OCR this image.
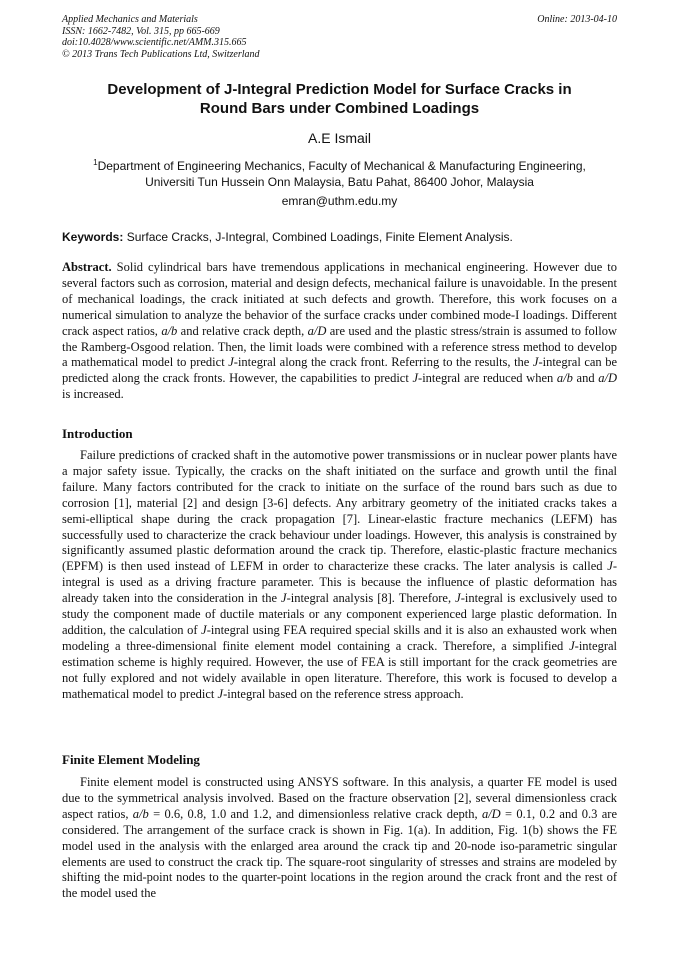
Applied Mechanics and Materials
ISSN: 1662-7482, Vol. 315, pp 665-669
doi:10.4028/www.scientific.net/AMM.315.665
© 2013 Trans Tech Publications Ltd, Switzerland
Online: 2013-04-10
Development of J-Integral Prediction Model for Surface Cracks in
Round Bars under Combined Loadings
A.E Ismail
$^1$Department of Engineering Mechanics, Faculty of Mechanical & Manufacturing Engineering,
Universiti Tun Hussein Onn Malaysia, Batu Pahat, 86400 Johor, Malaysia
emran@uthm.edu.my
Keywords: Surface Cracks, J-Integral, Combined Loadings, Finite Element Analysis.
Abstract. Solid cylindrical bars have tremendous applications in mechanical engineering. However due to several factors such as corrosion, material and design defects, mechanical failure is unavoidable. In the present of mechanical loadings, the crack initiated at such defects and growth. Therefore, this work focuses on a numerical simulation to analyze the behavior of the surface cracks under combined mode-I loadings. Different crack aspect ratios, a/b and relative crack depth, a/D are used and the plastic stress/strain is assumed to follow the Ramberg-Osgood relation. Then, the limit loads were combined with a reference stress method to develop a mathematical model to predict J-integral along the crack front. Referring to the results, the J-integral can be predicted along the crack fronts. However, the capabilities to predict J-integral are reduced when a/b and a/D is increased.
Introduction
Failure predictions of cracked shaft in the automotive power transmissions or in nuclear power plants have a major safety issue. Typically, the cracks on the shaft initiated on the surface and growth until the final failure. Many factors contributed for the crack to initiate on the surface of the round bars such as due to corrosion [1], material [2] and design [3-6] defects. Any arbitrary geometry of the initiated cracks takes a semi-elliptical shape during the crack propagation [7]. Linear-elastic fracture mechanics (LEFM) has successfully used to characterize the crack behaviour under loadings. However, this analysis is constrained by significantly assumed plastic deformation around the crack tip. Therefore, elastic-plastic fracture mechanics (EPFM) is then used instead of LEFM in order to characterize these cracks. The later analysis is called J-integral is used as a driving fracture parameter. This is because the influence of plastic deformation has already taken into the consideration in the J-integral analysis [8]. Therefore, J-integral is exclusively used to study the component made of ductile materials or any component experienced large plastic deformation. In addition, the calculation of J-integral using FEA required special skills and it is also an exhausted work when modeling a three-dimensional finite element model containing a crack. Therefore, a simplified J-integral estimation scheme is highly required. However, the use of FEA is still important for the crack geometries are not fully explored and not widely available in open literature. Therefore, this work is focused to develop a mathematical model to predict J-integral based on the reference stress approach.
Finite Element Modeling
Finite element model is constructed using ANSYS software. In this analysis, a quarter FE model is used due to the symmetrical analysis involved. Based on the fracture observation [2], several dimensionless crack aspect ratios, a/b = 0.6, 0.8, 1.0 and 1.2, and dimensionless relative crack depth, a/D = 0.1, 0.2 and 0.3 are considered. The arrangement of the surface crack is shown in Fig. 1(a). In addition, Fig. 1(b) shows the FE model used in the analysis with the enlarged area around the crack tip and 20-node iso-parametric singular elements are used to construct the crack tip. The square-root singularity of stresses and strains are modeled by shifting the mid-point nodes to the quarter-point locations in the region around the crack front and the rest of the model used the
